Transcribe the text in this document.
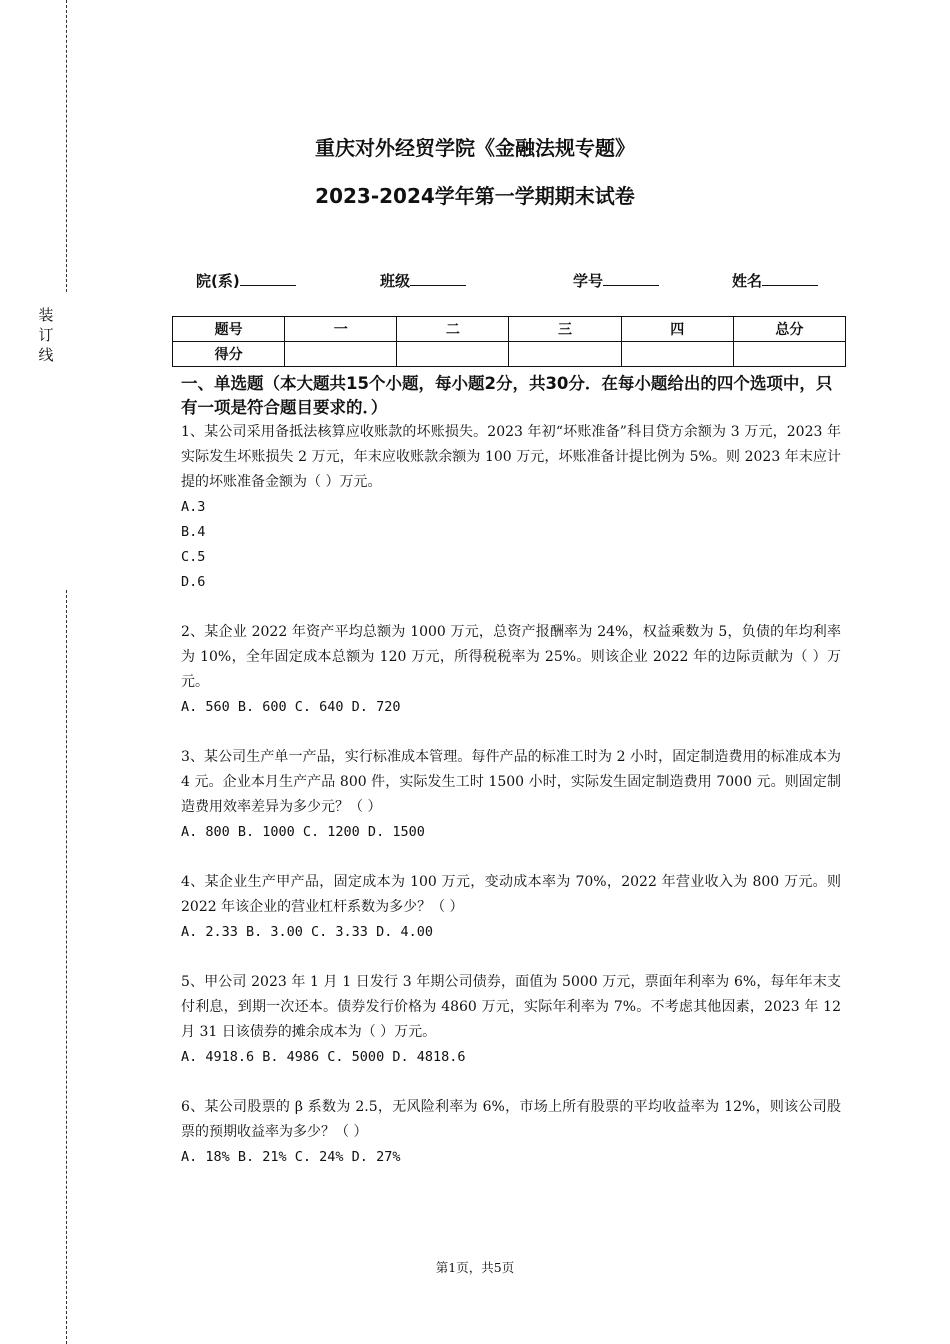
装
订
线
重庆对外经贸学院《金融法规专题》
2023-2024学年第一学期期末试卷
院(系)	班级	学号	姓名
题号	一	二	三	四	总分
得分					
一、单选题（本大题共15个小题，每小题2分，共30分．在每小题给出的四个选项中，只有一项是符合题目要求的．）

1、某公司采用备抵法核算应收账款的坏账损失。2023 年初“坏账准备”科目贷方余额为 3 万元，2023 年实际发生坏账损失 2 万元，年末应收账款余额为 100 万元，坏账准备计提比例为 5%。则 2023 年末应计提的坏账准备金额为（ ）万元。

A.3

B.4

C.5

D.6

2、某企业 2022 年资产平均总额为 1000 万元，总资产报酬率为 24%，权益乘数为 5，负债的年均利率为 10%，全年固定成本总额为 120 万元，所得税税率为 25%。则该企业 2022 年的边际贡献为（ ）万元。

A. 560 B. 600 C. 640 D. 720

3、某公司生产单一产品，实行标准成本管理。每件产品的标准工时为 2 小时，固定制造费用的标准成本为 4 元。企业本月生产产品 800 件，实际发生工时 1500 小时，实际发生固定制造费用 7000 元。则固定制造费用效率差异为多少元？（ ）

A. 800 B. 1000 C. 1200 D. 1500

4、某企业生产甲产品，固定成本为 100 万元，变动成本率为 70%，2022 年营业收入为 800 万元。则 2022 年该企业的营业杠杆系数为多少？（ ）

A. 2.33 B. 3.00 C. 3.33 D. 4.00

5、甲公司 2023 年 1 月 1 日发行 3 年期公司债券，面值为 5000 万元，票面年利率为 6%，每年年末支付利息，到期一次还本。债券发行价格为 4860 万元，实际年利率为 7%。不考虑其他因素，2023 年 12 月 31 日该债券的摊余成本为（ ）万元。

A. 4918.6 B. 4986 C. 5000 D. 4818.6

6、某公司股票的 β 系数为 2.5，无风险利率为 6%，市场上所有股票的平均收益率为 12%，则该公司股票的预期收益率为多少？（ ）

A. 18% B. 21% C. 24% D. 27%

第1页，共5页
